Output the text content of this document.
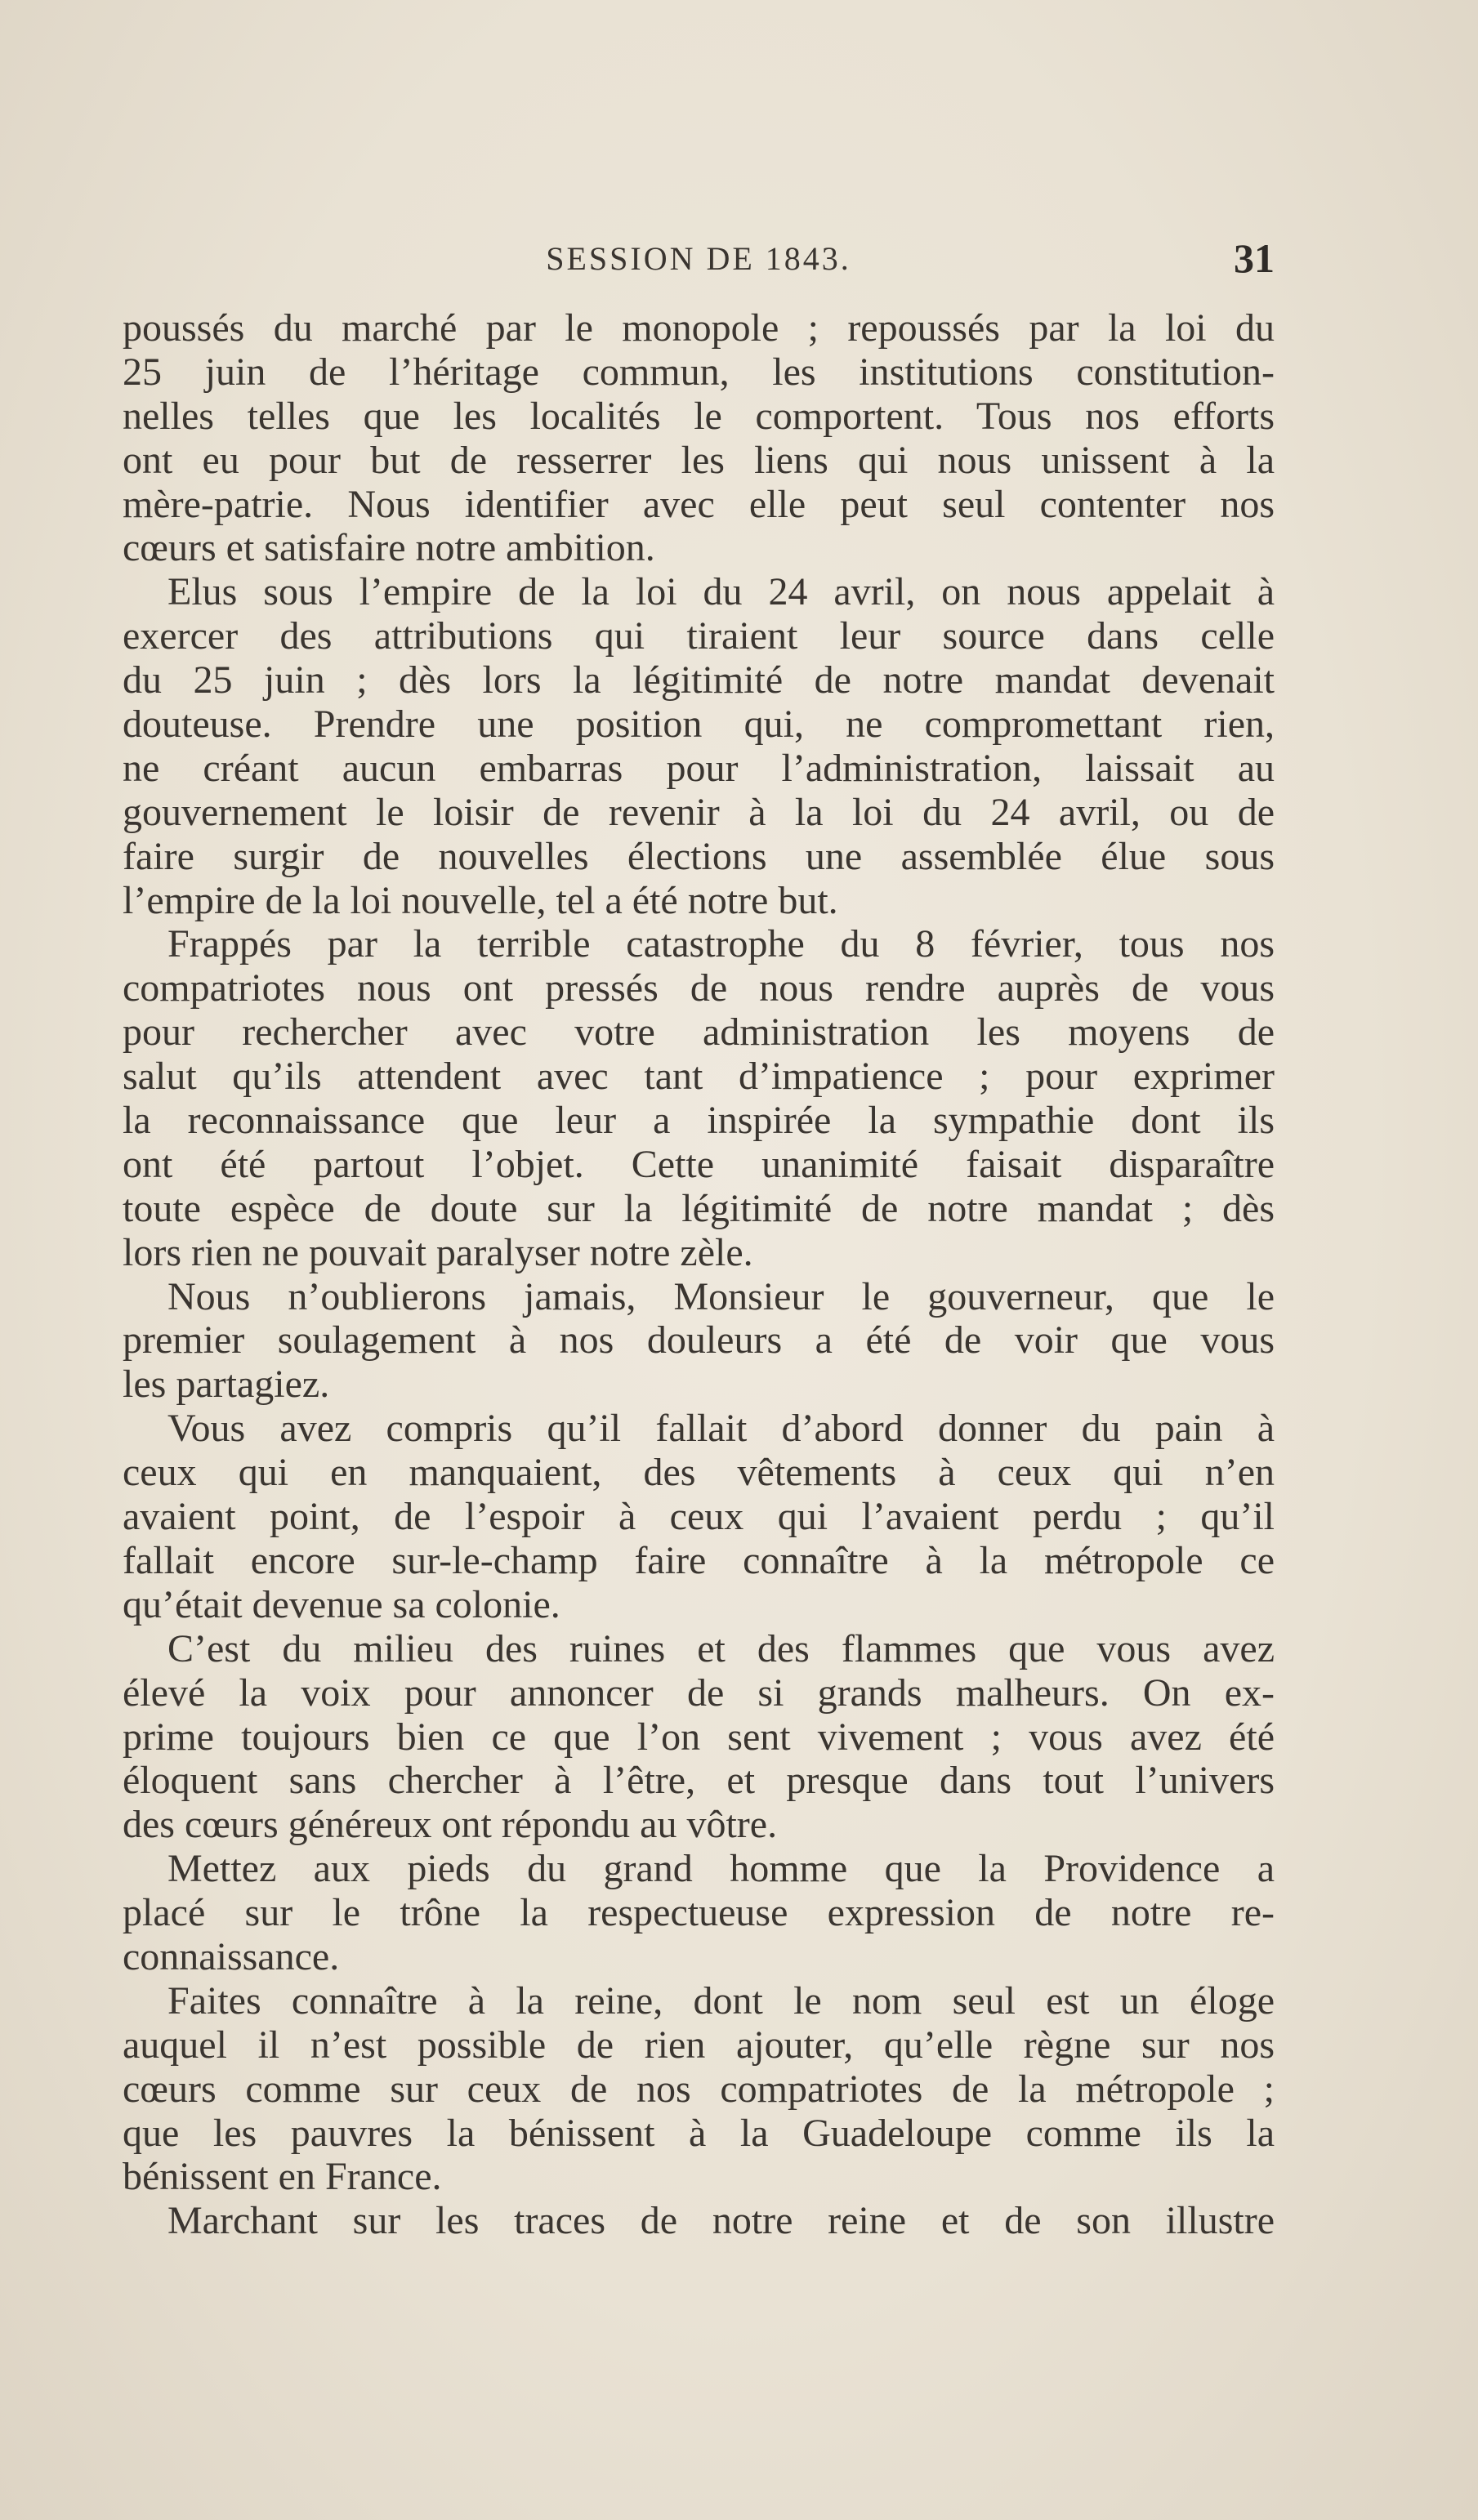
SESSION DE 1843.	31
poussés du marché par le monopole ; repoussés par la loi du
25 juin de l’héritage commun, les institutions constitution-
nelles telles que les localités le comportent. Tous nos efforts
ont eu pour but de resserrer les liens qui nous unissent à la
mère-patrie. Nous identifier avec elle peut seul contenter nos
cœurs et satisfaire notre ambition.
Elus sous l’empire de la loi du 24 avril, on nous appelait à
exercer des attributions qui tiraient leur source dans celle
du 25 juin ; dès lors la légitimité de notre mandat devenait
douteuse. Prendre une position qui, ne compromettant rien,
ne créant aucun embarras pour l’administration, laissait au
gouvernement le loisir de revenir à la loi du 24 avril, ou de
faire surgir de nouvelles élections une assemblée élue sous
l’empire de la loi nouvelle, tel a été notre but.
Frappés par la terrible catastrophe du 8 février, tous nos
compatriotes nous ont pressés de nous rendre auprès de vous
pour rechercher avec votre administration les moyens de
salut qu’ils attendent avec tant d’impatience ; pour exprimer
la reconnaissance que leur a inspirée la sympathie dont ils
ont été partout l’objet. Cette unanimité faisait disparaître
toute espèce de doute sur la légitimité de notre mandat ; dès
lors rien ne pouvait paralyser notre zèle.
Nous n’oublierons jamais, Monsieur le gouverneur, que le
premier soulagement à nos douleurs a été de voir que vous
les partagiez.
Vous avez compris qu’il fallait d’abord donner du pain à
ceux qui en manquaient, des vêtements à ceux qui n’en
avaient point, de l’espoir à ceux qui l’avaient perdu ; qu’il
fallait encore sur-le-champ faire connaître à la métropole ce
qu’était devenue sa colonie.
C’est du milieu des ruines et des flammes que vous avez
élevé la voix pour annoncer de si grands malheurs. On ex-
prime toujours bien ce que l’on sent vivement ; vous avez été
éloquent sans chercher à l’être, et presque dans tout l’univers
des cœurs généreux ont répondu au vôtre.
Mettez aux pieds du grand homme que la Providence a
placé sur le trône la respectueuse expression de notre re-
connaissance.
Faites connaître à la reine, dont le nom seul est un éloge
auquel il n’est possible de rien ajouter, qu’elle règne sur nos
cœurs comme sur ceux de nos compatriotes de la métropole ;
que les pauvres la bénissent à la Guadeloupe comme ils la
bénissent en France.
Marchant sur les traces de notre reine et de son illustre
